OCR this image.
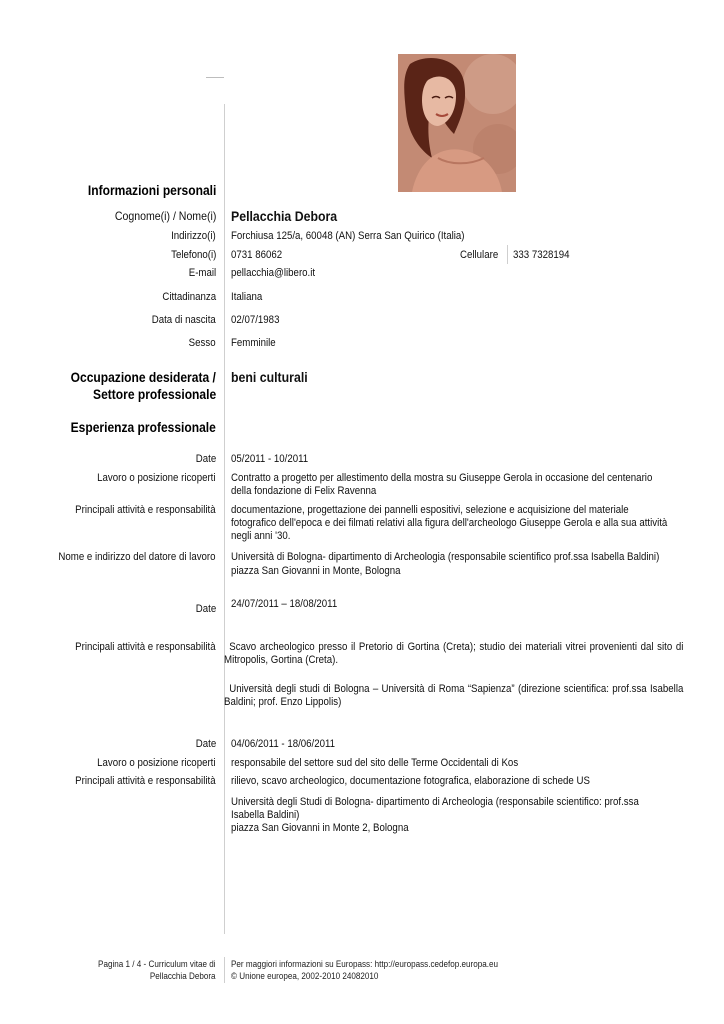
Informazioni personali
Cognome(i) / Nome(i) Pellacchia Debora
Indirizzo(i) Forchiusa 125/a, 60048 (AN) Serra San Quirico (Italia)
Telefono(i) 0731 86062	Cellulare 333 7328194
E-mail pellacchia@libero.it
Cittadinanza Italiana
Data di nascita 02/07/1983
Sesso Femminile
Occupazione desiderata /
Settore professionale
beni culturali
Esperienza professionale
Date 05/2011 - 10/2011
Lavoro o posizione ricoperti Contratto a progetto per allestimento della mostra su Giuseppe Gerola in occasione del centenario
della fondazione di Felix Ravenna
Principali attività e responsabilità documentazione, progettazione dei pannelli espositivi, selezione e acquisizione del materiale
fotografico dell'epoca e dei filmati relativi alla figura dell'archeologo Giuseppe Gerola e alla sua attività
negli anni '30.
Nome e indirizzo del datore di lavoro Università di Bologna- dipartimento di Archeologia (responsabile scientifico prof.ssa Isabella Baldini)
piazza San Giovanni in Monte, Bologna
Date 24/07/2011 – 18/08/2011
Principali attività e responsabilità	Scavo archeologico presso il Pretorio di Gortina (Creta); studio dei materiali vitrei provenienti dal sito di Mitropolis, Gortina (Creta).
Università degli studi di Bologna – Università di Roma “Sapienza” (direzione scientifica: prof.ssa Isabella Baldini; prof. Enzo Lippolis)
Date 04/06/2011 - 18/06/2011
Lavoro o posizione ricoperti responsabile del settore sud del sito delle Terme Occidentali di Kos
Principali attività e responsabilità rilievo, scavo archeologico, documentazione fotografica, elaborazione di schede US
Università degli Studi di Bologna- dipartimento di Archeologia (responsabile scientifico: prof.ssa
Isabella Baldini)
piazza San Giovanni in Monte 2, Bologna
Pagina 1 / 4 - Curriculum vitae di
Pellacchia Debora
Per maggiori informazioni su Europass: http://europass.cedefop.europa.eu
© Unione europea, 2002-2010 24082010
